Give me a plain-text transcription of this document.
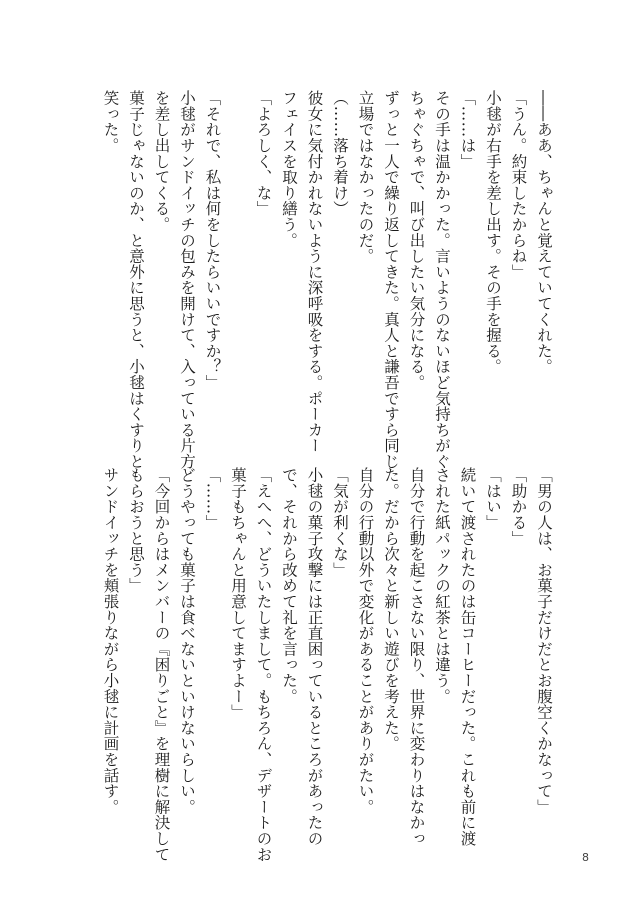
――ああ、ちゃんと覚えていてくれた。

「うん。約束したからね」

小毬が右手を差し出す。その手を握る。

「……は」

その手は温かかった。言いようのないほど気持ちがぐ

ちゃぐちゃで、叫び出したい気分になる。

ずっと一人で繰り返してきた。真人と謙吾ですら同じ

立場ではなかったのだ。

（……落ち着け）

彼女に気付かれないように深呼吸をする。ポーカー

フェイスを取り繕う。

「よろしく、な」

「それで、私は何をしたらいいですか？」

小毬がサンドイッチの包みを開けて、入っている片方

を差し出してくる。

菓子じゃないのか、と意外に思うと、小毬はくすりと

笑った。

「男の人は、お菓子だけだとお腹空くかなって」

「助かる」

「はい」

続いて渡されたのは缶コーヒーだった。これも前に渡

された紙パックの紅茶とは違う。

自分で行動を起こさない限り、世界に変わりはなかっ

た。だから次々と新しい遊びを考えた。

自分の行動以外で変化があることがありがたい。

「気が利くな」

小毬の菓子攻撃には正直困っているところがあったの

で、それから改めて礼を言った。

「えへへ、どういたしまして。もちろん、デザートのお

菓子もちゃんと用意してますよー」

「……」

どうやっても菓子は食べないといけないらしい。

「今回からはメンバーの『困りごと』を理樹に解決して

もらおうと思う」

サンドイッチを頬張りながら小毬に計画を話す。

8
